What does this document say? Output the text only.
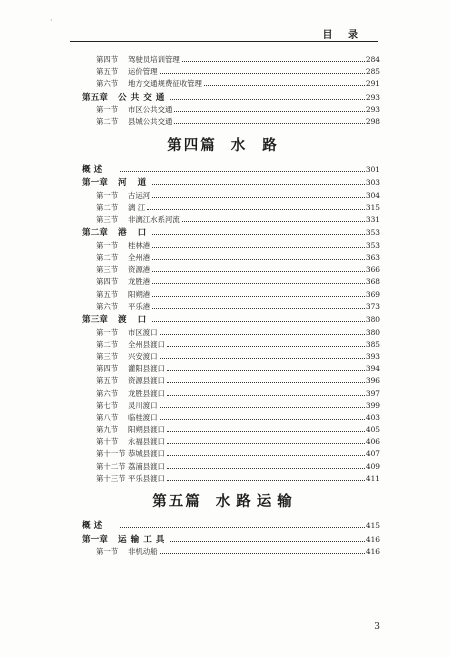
·
目 录
第四节	驾驶员培训管理	284
第五节	运价管理	285
第六节	地方交通规费征收管理	291
第五章	公共交通	293
第一节	市区公共交通	293
第二节	县城公共交通	298
第四篇 水 路
概 述	301
第一章	河 道	303
第一节	古运河	304
第二节	漓 江	315
第三节	非漓江水系河流	331
第二章	港 口	353
第一节	桂林港	353
第二节	全州港	363
第三节	资源港	366
第四节	龙胜港	368
第五节	阳朔港	369
第六节	平乐港	373
第三章	渡 口	380
第一节	市区渡口	380
第二节	全州县渡口	385
第三节	兴安渡口	393
第四节	灌阳县渡口	394
第五节	资源县渡口	396
第六节	龙胜县渡口	397
第七节	灵川渡口	399
第八节	临桂渡口	403
第九节	阳朔县渡口	405
第十节	永福县渡口	406
第十一节 恭城县渡口	407
第十二节 荔浦县渡口	409
第十三节 平乐县渡口	411
第五篇 水路运输
概 述	415
第一章	运输工具	416
第一节	非机动船	416
3
